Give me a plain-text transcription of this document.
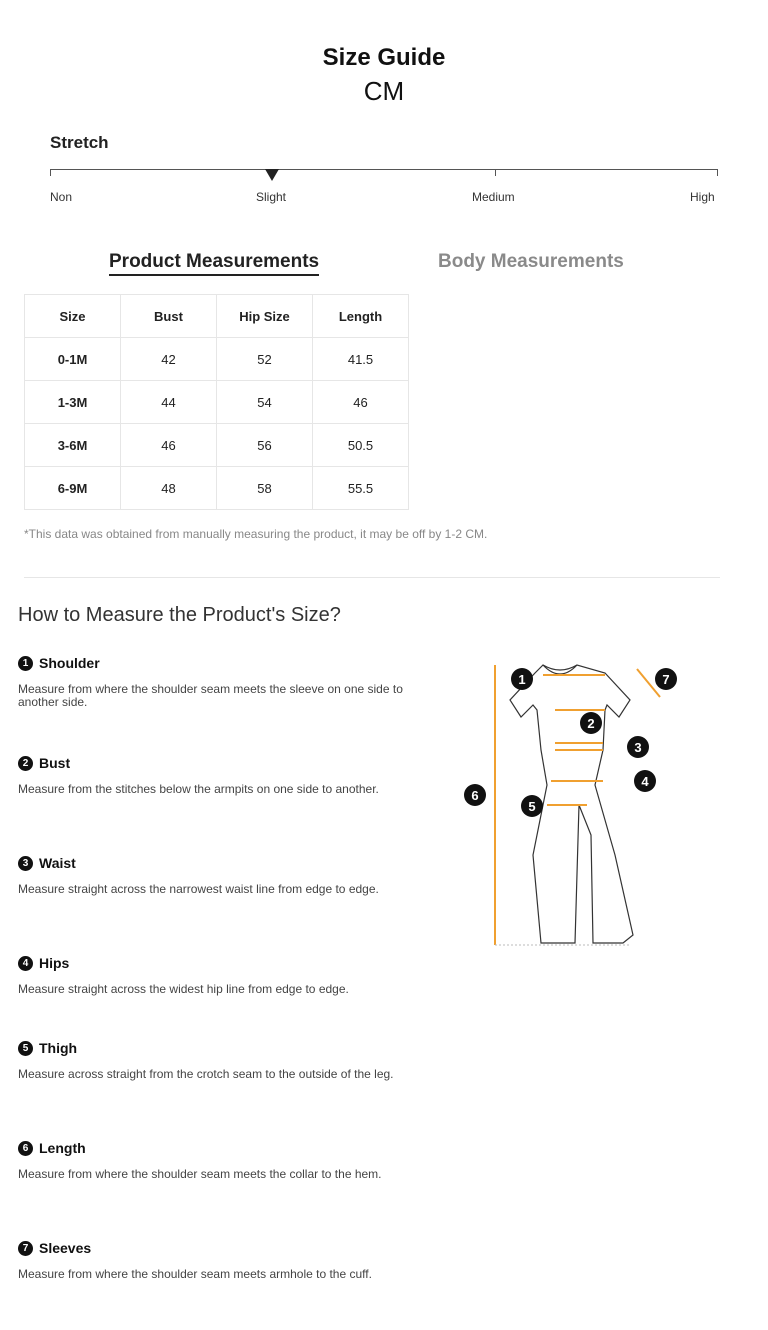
Size Guide
CM
Stretch
Non	Slight	Medium	High
Product Measurements	Body Measurements
Size	Bust	Hip Size	Length
0-1M	42	52	41.5
1-3M	44	54	46
3-6M	46	56	50.5
6-9M	48	58	55.5
*This data was obtained from manually measuring the product, it may be off by 1-2 CM.
How to Measure the Product's Size?
1 Shoulder
Measure from where the shoulder seam meets the sleeve on one side to another side.
2 Bust
Measure from the stitches below the armpits on one side to another.
3 Waist
Measure straight across the narrowest waist line from edge to edge.
4 Hips
Measure straight across the widest hip line from edge to edge.
5 Thigh
Measure across straight from the crotch seam to the outside of the leg.
6 Length
Measure from where the shoulder seam meets the collar to the hem.
7 Sleeves
Measure from where the shoulder seam meets armhole to the cuff.
1
2
3
4
5
6
7
